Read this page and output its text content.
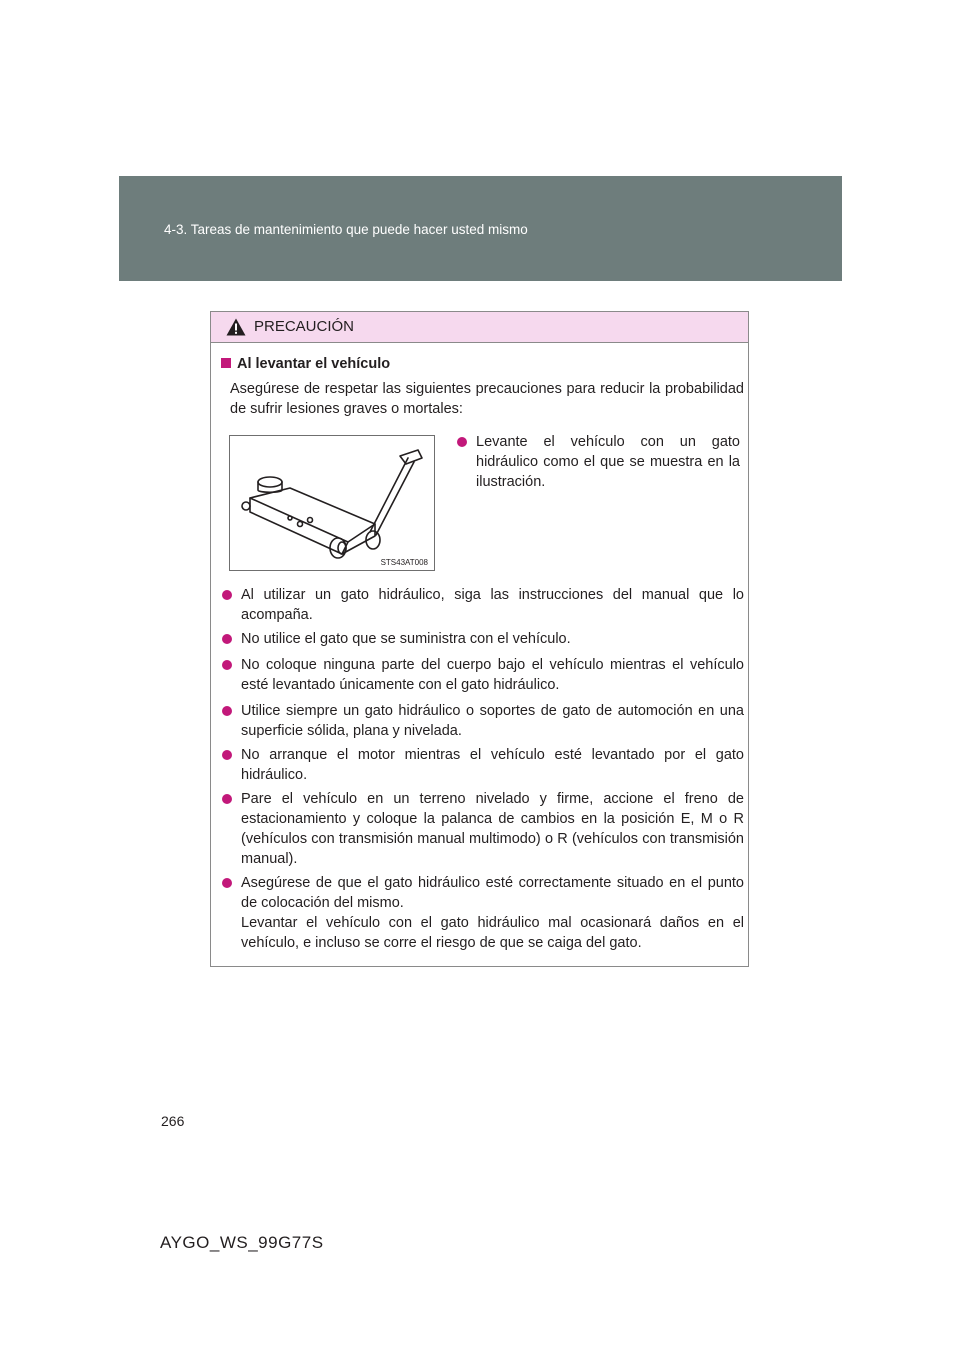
4-3. Tareas de mantenimiento que puede hacer usted mismo
PRECAUCIÓN
Al levantar el vehículo
Asegúrese de respetar las siguientes precauciones para reducir la probabilidad de sufrir lesiones graves o mortales:
STS43AT008
Levante el vehículo con un gato hidráulico como el que se muestra en la ilustración.
Al utilizar un gato hidráulico, siga las instrucciones del manual que lo acompaña.
No utilice el gato que se suministra con el vehículo.
No coloque ninguna parte del cuerpo bajo el vehículo mientras el vehículo esté levantado únicamente con el gato hidráulico.
Utilice siempre un gato hidráulico o soportes de gato de automoción en una superficie sólida, plana y nivelada.
No arranque el motor mientras el vehículo esté levantado por el gato hidráulico.
Pare el vehículo en un terreno nivelado y firme, accione el freno de estacionamiento y coloque la palanca de cambios en la posición E, M o R (vehículos con transmisión manual multimodo) o R (vehículos con transmisión manual).
Asegúrese de que el gato hidráulico esté correctamente situado en el punto de colocación del mismo.
Levantar el vehículo con el gato hidráulico mal ocasionará daños en el vehículo, e incluso se corre el riesgo de que se caiga del gato.
266
AYGO_WS_99G77S
